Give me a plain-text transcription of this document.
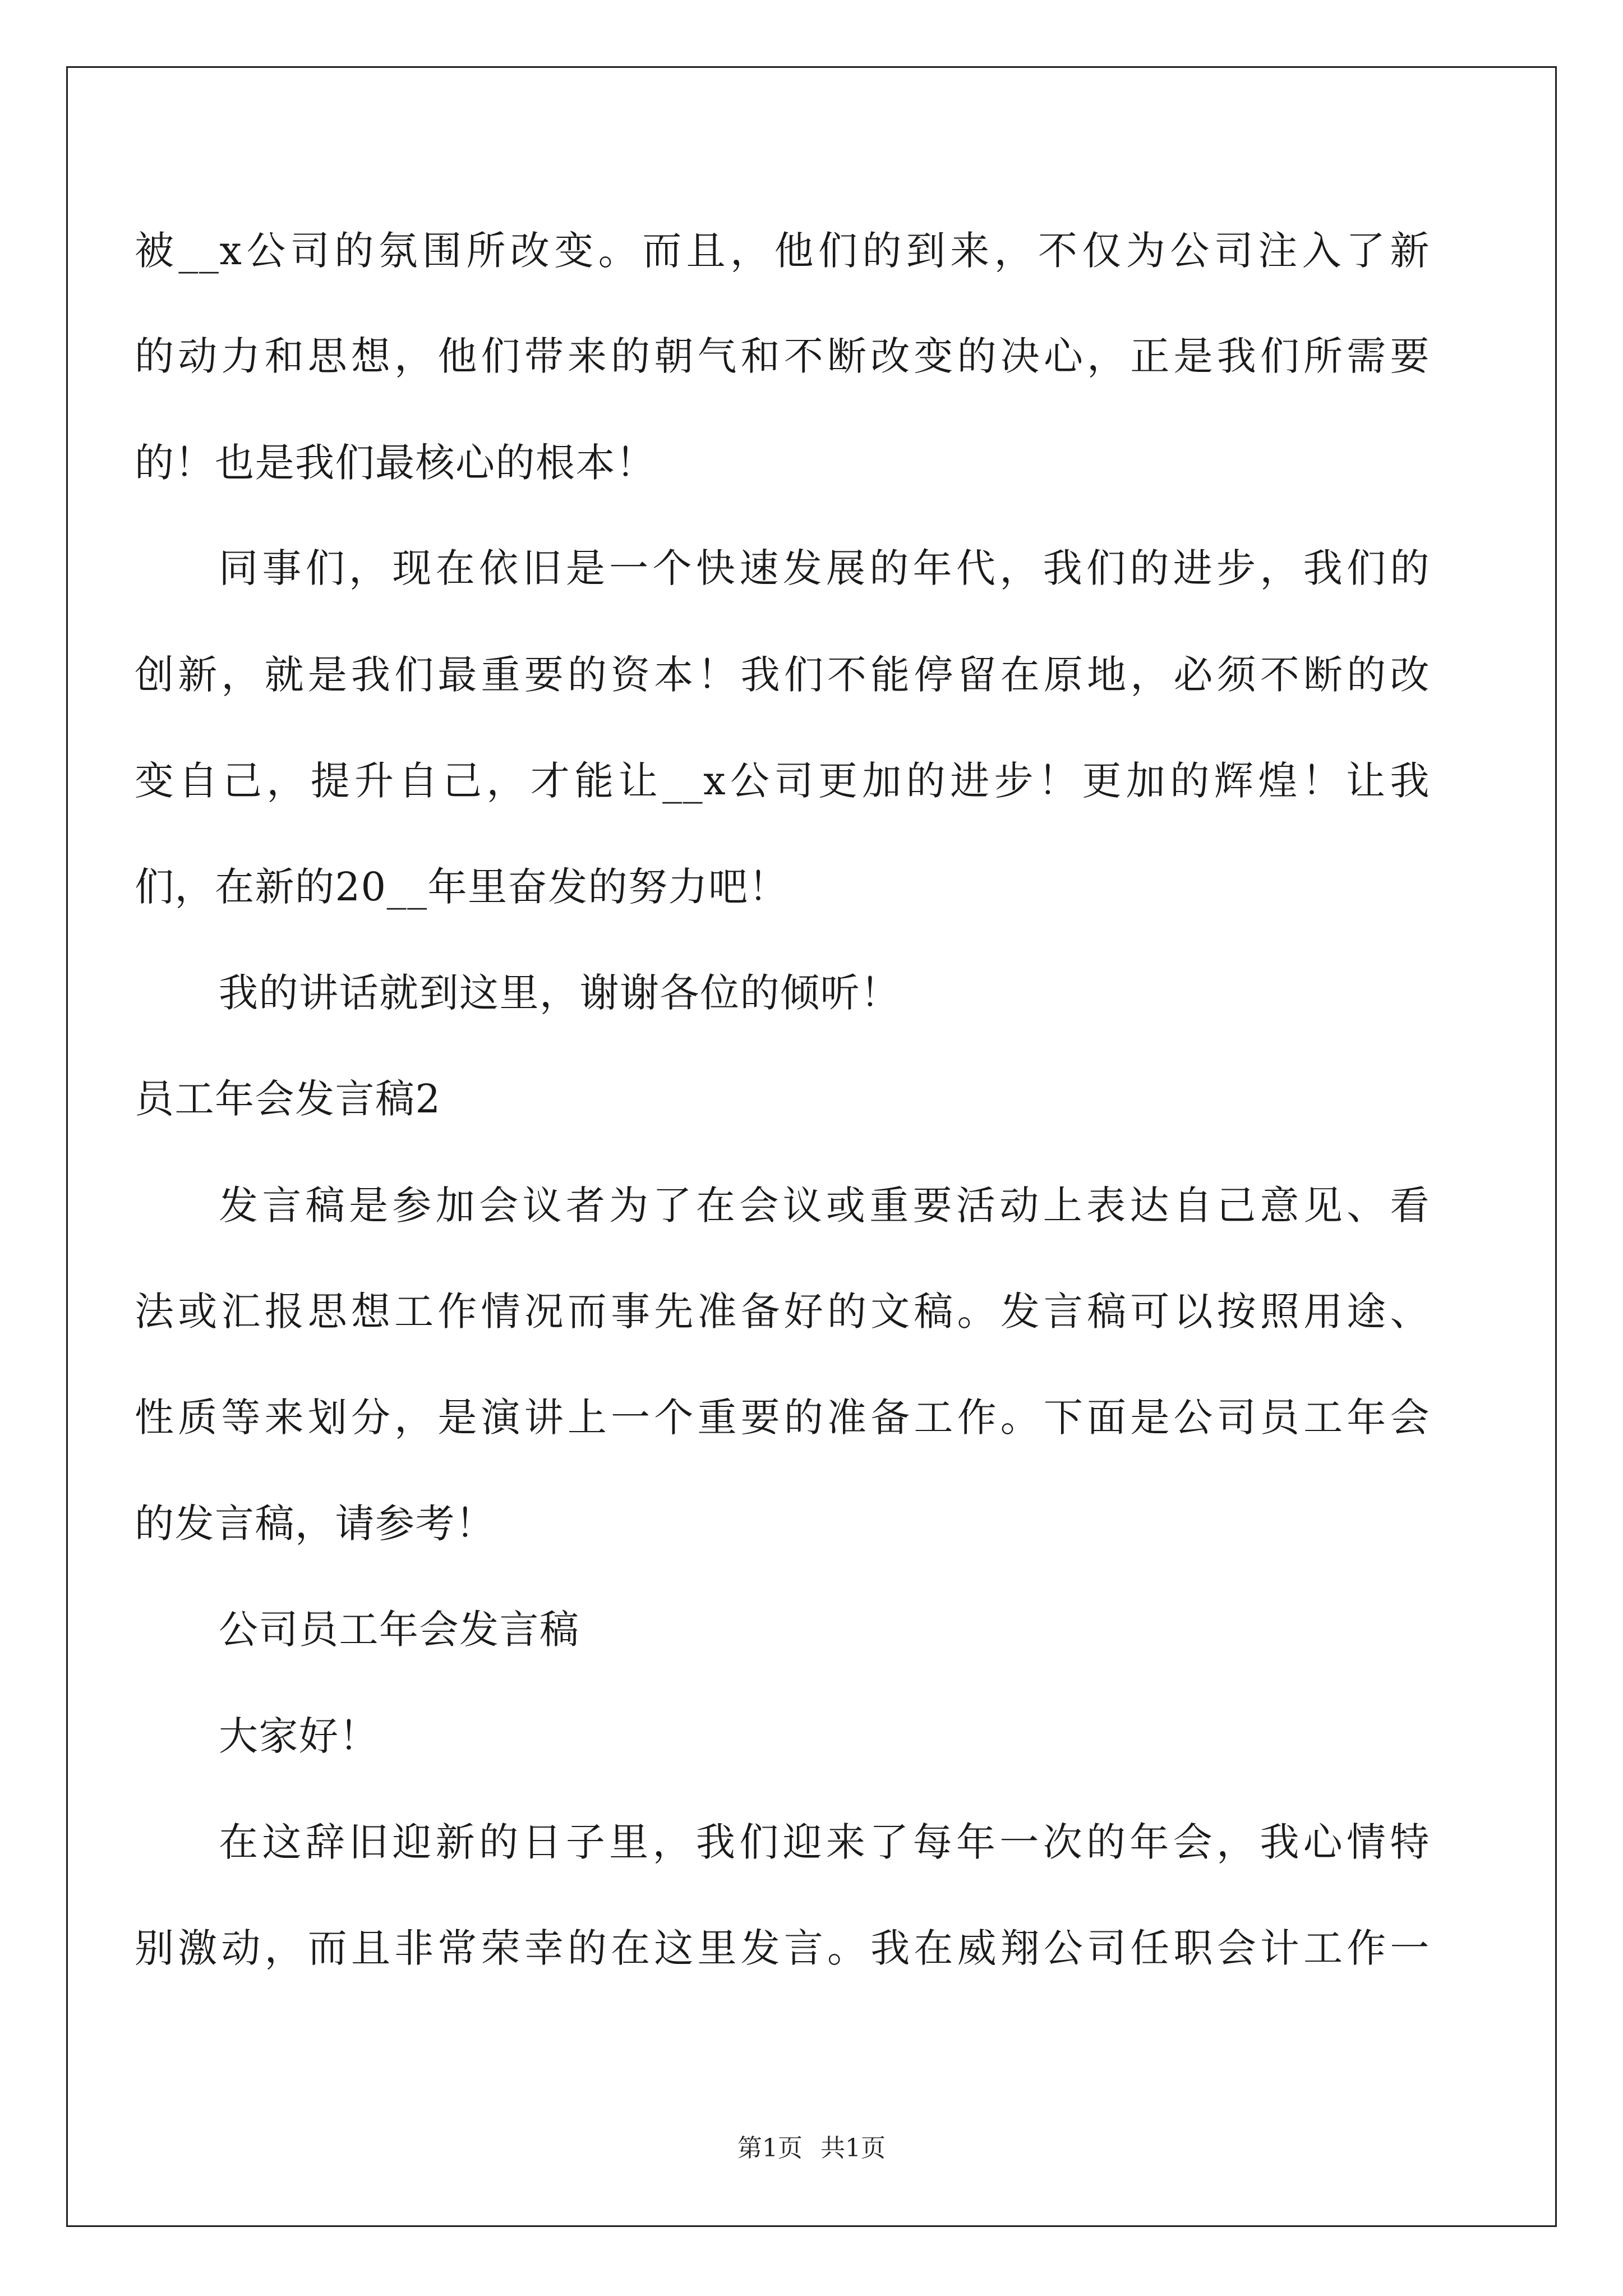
被__x公司的氛围所改变。而且，他们的到来，不仅为公司注入了新
的动力和思想，他们带来的朝气和不断改变的决心，正是我们所需要
的！也是我们最核心的根本！
同事们，现在依旧是一个快速发展的年代，我们的进步，我们的
创新，就是我们最重要的资本！我们不能停留在原地，必须不断的改
变自己，提升自己，才能让__x公司更加的进步！更加的辉煌！让我
们，在新的20__年里奋发的努力吧！
我的讲话就到这里，谢谢各位的倾听！
员工年会发言稿2
发言稿是参加会议者为了在会议或重要活动上表达自己意见、看
法或汇报思想工作情况而事先准备好的文稿。发言稿可以按照用途、
性质等来划分，是演讲上一个重要的准备工作。下面是公司员工年会
的发言稿，请参考！
公司员工年会发言稿
大家好！
在这辞旧迎新的日子里，我们迎来了每年一次的年会，我心情特
别激动，而且非常荣幸的在这里发言。我在威翔公司任职会计工作一
第1页 共1页
